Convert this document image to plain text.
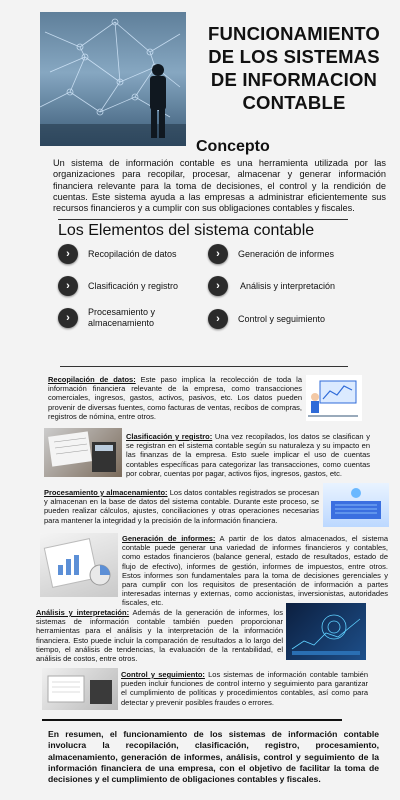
FUNCIONAMIENTO DE LOS SISTEMAS DE INFORMACION CONTABLE
Concepto
Un sistema de información contable es una herramienta utilizada por las organizaciones para recopilar, procesar, almacenar y generar información financiera relevante para la toma de decisiones, el control y la rendición de cuentas. Este sistema ayuda a las empresas a administrar eficientemente sus recursos financieros y a cumplir con sus obligaciones contables y fiscales.
Los Elementos del sistema contable
› Recopilación de datos	› Generación de informes
› Clasificación y registro	› Análisis y interpretación
› Procesamiento y almacenamiento	› Control y seguimiento
Recopilación de datos: Este paso implica la recolección de toda la información financiera relevante de la empresa, como transacciones comerciales, ingresos, gastos, activos, pasivos, etc. Los datos pueden provenir de diversas fuentes, como facturas de ventas, recibos de compras, registros de nómina, entre otros.
Clasificación y registro: Una vez recopilados, los datos se clasifican y se registran en el sistema contable según su naturaleza y su impacto en las finanzas de la empresa. Esto suele implicar el uso de cuentas contables específicas para categorizar las transacciones, como cuentas por cobrar, cuentas por pagar, activos fijos, ingresos, gastos, etc.
Procesamiento y almacenamiento: Los datos contables registrados se procesan y almacenan en la base de datos del sistema contable. Durante este proceso, se pueden realizar cálculos, ajustes, conciliaciones y otras operaciones necesarias para mantener la integridad y la precisión de la información financiera.
Generación de informes: A partir de los datos almacenados, el sistema contable puede generar una variedad de informes financieros y contables, como estados financieros (balance general, estado de resultados, estado de flujo de efectivo), informes de gestión, informes de impuestos, entre otros. Estos informes son fundamentales para la toma de decisiones gerenciales y para cumplir con los requisitos de presentación de información a partes interesadas internas y externas, como accionistas, inversionistas, autoridades fiscales, etc.
Análisis y interpretación: Además de la generación de informes, los sistemas de información contable también pueden proporcionar herramientas para el análisis y la interpretación de la información financiera. Esto puede incluir la comparación de resultados a lo largo del tiempo, el análisis de tendencias, la evaluación de la rentabilidad, el análisis de costos, entre otros.
Control y seguimiento: Los sistemas de información contable también pueden incluir funciones de control interno y seguimiento para garantizar el cumplimiento de políticas y procedimientos contables, así como para detectar y prevenir posibles fraudes o errores.
En resumen, el funcionamiento de los sistemas de información contable involucra la recopilación, clasificación, registro, procesamiento, almacenamiento, generación de informes, análisis, control y seguimiento de la información financiera de una empresa, con el objetivo de facilitar la toma de decisiones y el cumplimiento de obligaciones contables y fiscales.
